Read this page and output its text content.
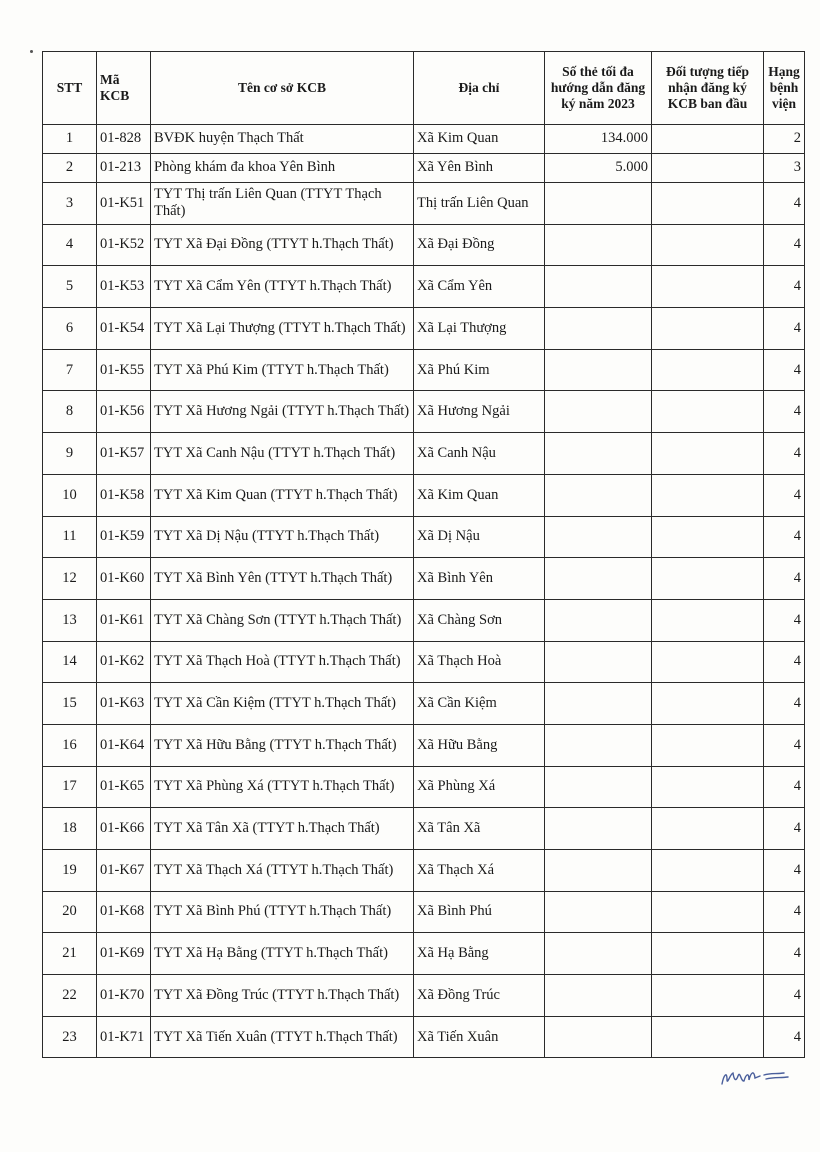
STT	Mã KCB	Tên cơ sở KCB	Địa chỉ	Số thẻ tối đa hướng dẫn đăng ký năm 2023	Đối tượng tiếp nhận đăng ký KCB ban đầu	Hạng bệnh viện
1	01-828	BVĐK huyện Thạch Thất	Xã Kim Quan	134.000		2
2	01-213	Phòng khám đa khoa Yên Bình	Xã Yên Bình	5.000		3
3	01-K51	TYT Thị trấn Liên Quan (TTYT Thạch Thất)	Thị trấn Liên Quan			4
4	01-K52	TYT Xã Đại Đồng (TTYT h.Thạch Thất)	Xã Đại Đồng			4
5	01-K53	TYT Xã Cẩm Yên (TTYT h.Thạch Thất)	Xã Cẩm Yên			4
6	01-K54	TYT Xã Lại Thượng (TTYT h.Thạch Thất)	Xã Lại Thượng			4
7	01-K55	TYT Xã Phú Kim (TTYT h.Thạch Thất)	Xã Phú Kim			4
8	01-K56	TYT Xã Hương Ngải (TTYT h.Thạch Thất)	Xã Hương Ngải			4
9	01-K57	TYT Xã Canh Nậu (TTYT h.Thạch Thất)	Xã Canh Nậu			4
10	01-K58	TYT Xã Kim Quan (TTYT h.Thạch Thất)	Xã Kim Quan			4
11	01-K59	TYT Xã Dị Nậu (TTYT h.Thạch Thất)	Xã Dị Nậu			4
12	01-K60	TYT Xã Bình Yên (TTYT h.Thạch Thất)	Xã Bình Yên			4
13	01-K61	TYT Xã Chàng Sơn (TTYT h.Thạch Thất)	Xã Chàng Sơn			4
14	01-K62	TYT Xã Thạch Hoà (TTYT h.Thạch Thất)	Xã Thạch Hoà			4
15	01-K63	TYT Xã Cần Kiệm (TTYT h.Thạch Thất)	Xã Cần Kiệm			4
16	01-K64	TYT Xã Hữu Bằng (TTYT h.Thạch Thất)	Xã Hữu Bằng			4
17	01-K65	TYT Xã Phùng Xá (TTYT h.Thạch Thất)	Xã Phùng Xá			4
18	01-K66	TYT Xã Tân Xã (TTYT h.Thạch Thất)	Xã Tân Xã			4
19	01-K67	TYT Xã Thạch Xá (TTYT h.Thạch Thất)	Xã Thạch Xá			4
20	01-K68	TYT Xã Bình Phú (TTYT h.Thạch Thất)	Xã Bình Phú			4
21	01-K69	TYT Xã Hạ Bằng (TTYT h.Thạch Thất)	Xã Hạ Bằng			4
22	01-K70	TYT Xã Đồng Trúc (TTYT h.Thạch Thất)	Xã Đồng Trúc			4
23	01-K71	TYT Xã Tiến Xuân (TTYT h.Thạch Thất)	Xã Tiến Xuân			4
